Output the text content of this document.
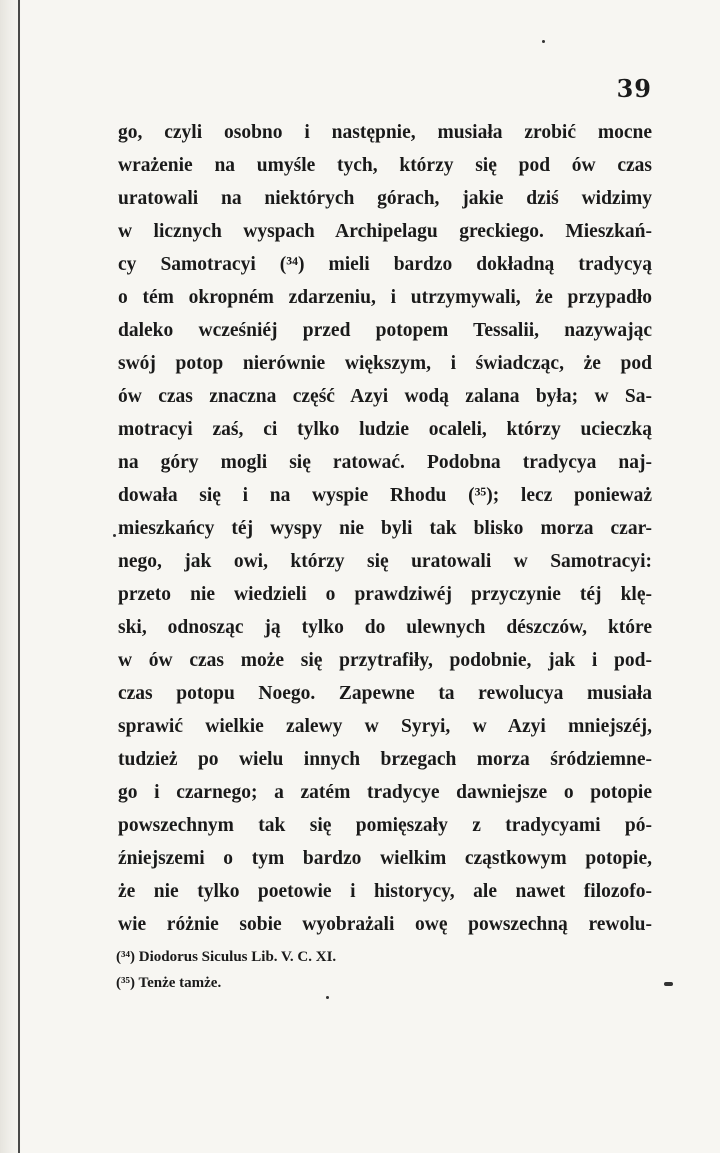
39
go, czyli osobno i następnie, musiała zrobić mocne
wrażenie na umyśle tych, którzy się pod ów czas
uratowali na niektórych górach, jakie dziś widzimy
w licznych wyspach Archipelagu greckiego. Mieszkań-
cy Samotracyi (³⁴) mieli bardzo dokładną tradycyą
o tém okropném zdarzeniu, i utrzymywali, że przypadło
daleko wcześniéj przed potopem Tessalii, nazywając
swój potop nierównie większym, i świadcząc, że pod
ów czas znaczna część Azyi wodą zalana była; w Sa-
motracyi zaś, ci tylko ludzie ocaleli, którzy ucieczką
na góry mogli się ratować. Podobna tradycya naj-
dowała się i na wyspie Rhodu (³⁵); lecz ponieważ
mieszkańcy téj wyspy nie byli tak blisko morza czar-
nego, jak owi, którzy się uratowali w Samotracyi:
przeto nie wiedzieli o prawdziwéj przyczynie téj klę-
ski, odnosząc ją tylko do ulewnych dészczów, które
w ów czas może się przytrafiły, podobnie, jak i pod-
czas potopu Noego. Zapewne ta rewolucya musiała
sprawić wielkie zalewy w Syryi, w Azyi mniejszéj,
tudzież po wielu innych brzegach morza śródziemne-
go i czarnego; a zatém tradycye dawniejsze o potopie
powszechnym tak się pomięszały z tradycyami pó-
źniejszemi o tym bardzo wielkim cząstkowym potopie,
że nie tylko poetowie i historycy, ale nawet filozofo-
wie różnie sobie wyobrażali owę powszechną rewolu-
(³⁴) Diodorus Siculus Lib. V. C. XI.
(³⁵) Tenże tamże.
